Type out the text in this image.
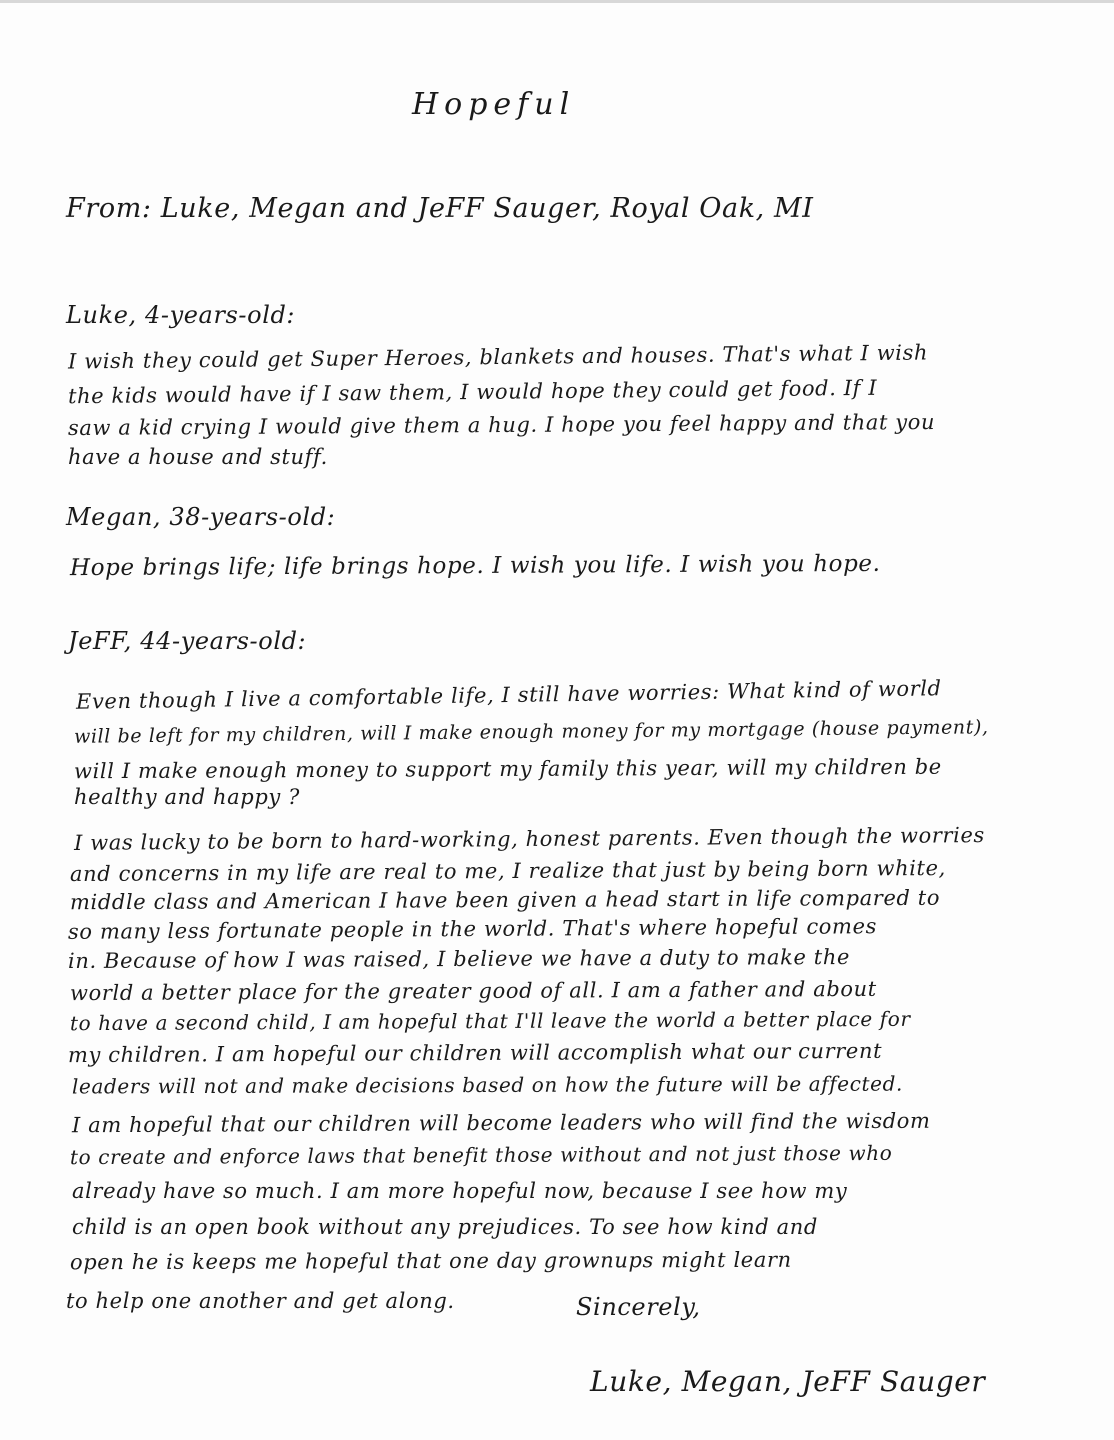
Hopeful
From: Luke, Megan and JeFF Sauger, Royal Oak, MI
Luke, 4-years-old:
I wish they could get Super Heroes, blankets and houses. That's what I wish
the kids would have if I saw them, I would hope they could get food. If I
saw a kid crying I would give them a hug. I hope you feel happy and that you
have a house and stuff.
Megan, 38-years-old:
Hope brings life; life brings hope. I wish you life. I wish you hope.
JeFF, 44-years-old:
Even though I live a comfortable life, I still have worries: What kind of world
will be left for my children, will I make enough money for my mortgage (house payment),
will I make enough money to support my family this year, will my children be
healthy and happy ?
I was lucky to be born to hard-working, honest parents. Even though the worries
and concerns in my life are real to me, I realize that just by being born white,
middle class and American I have been given a head start in life compared to
so many less fortunate people in the world. That's where hopeful comes
in. Because of how I was raised, I believe we have a duty to make the
world a better place for the greater good of all. I am a father and about
to have a second child, I am hopeful that I'll leave the world a better place for
my children. I am hopeful our children will accomplish what our current
leaders will not and make decisions based on how the future will be affected.
I am hopeful that our children will become leaders who will find the wisdom
to create and enforce laws that benefit those without and not just those who
already have so much. I am more hopeful now, because I see how my
child is an open book without any prejudices. To see how kind and
open he is keeps me hopeful that one day grownups might learn
to help one another and get along.	Sincerely,
Luke, Megan, JeFF Sauger
